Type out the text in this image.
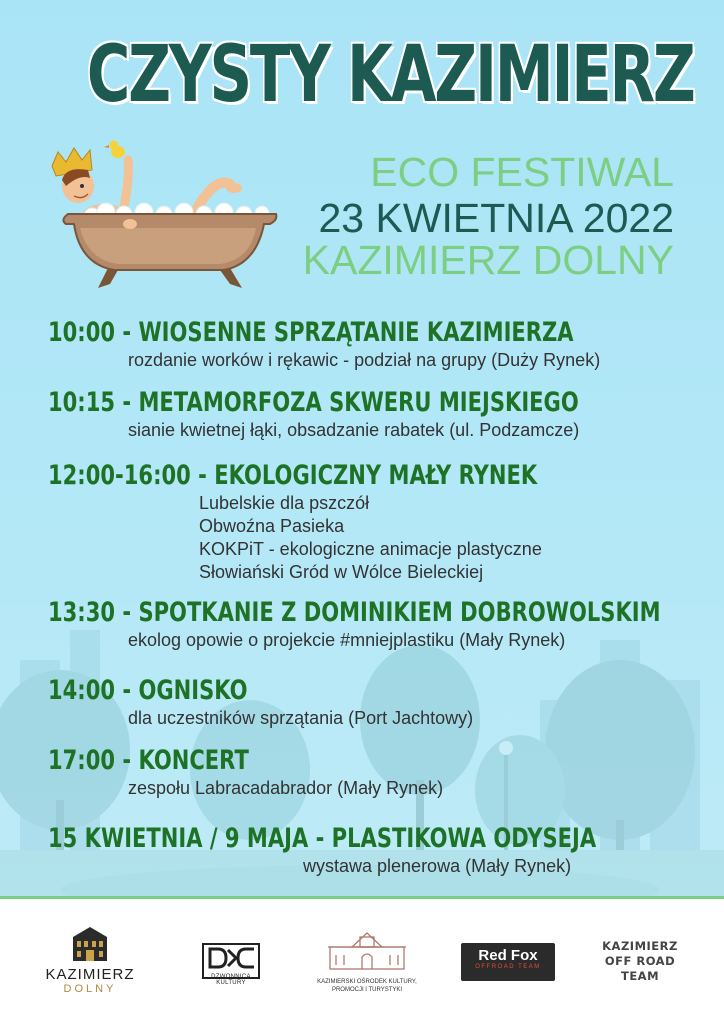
CZYSTY KAZIMIERZ
ECO FESTIWAL
23 KWIETNIA 2022
KAZIMIERZ DOLNY
10:00 - WIOSENNE SPRZĄTANIE KAZIMIERZA
rozdanie worków i rękawic - podział na grupy (Duży Rynek)
10:15 - METAMORFOZA SKWERU MIEJSKIEGO
sianie kwietnej łąki, obsadzanie rabatek (ul. Podzamcze)
12:00-16:00 - EKOLOGICZNY MAŁY RYNEK
Lubelskie dla pszczół
Obwoźna Pasieka
KOKPiT - ekologiczne animacje plastyczne
Słowiański Gród w Wólce Bieleckiej
13:30 - SPOTKANIE Z DOMINIKIEM DOBROWOLSKIM
ekolog opowie o projekcie #mniejplastiku (Mały Rynek)
14:00 - OGNISKO
dla uczestników sprzątania (Port Jachtowy)
17:00 - KONCERT
zespołu Labracadabrador (Mały Rynek)
15 KWIETNIA / 9 MAJA - PLASTIKOWA ODYSEJA
wystawa plenerowa (Mały Rynek)
KAZIMIERZ
DOLNY
DZWONNICA KULTURY	KAZIMIERSKI OŚRODEK KULTURY, PROMOCJI I TURYSTYKI
Red Fox
OFFROAD TEAM
KAZIMIERZ
OFF ROAD
TEAM
